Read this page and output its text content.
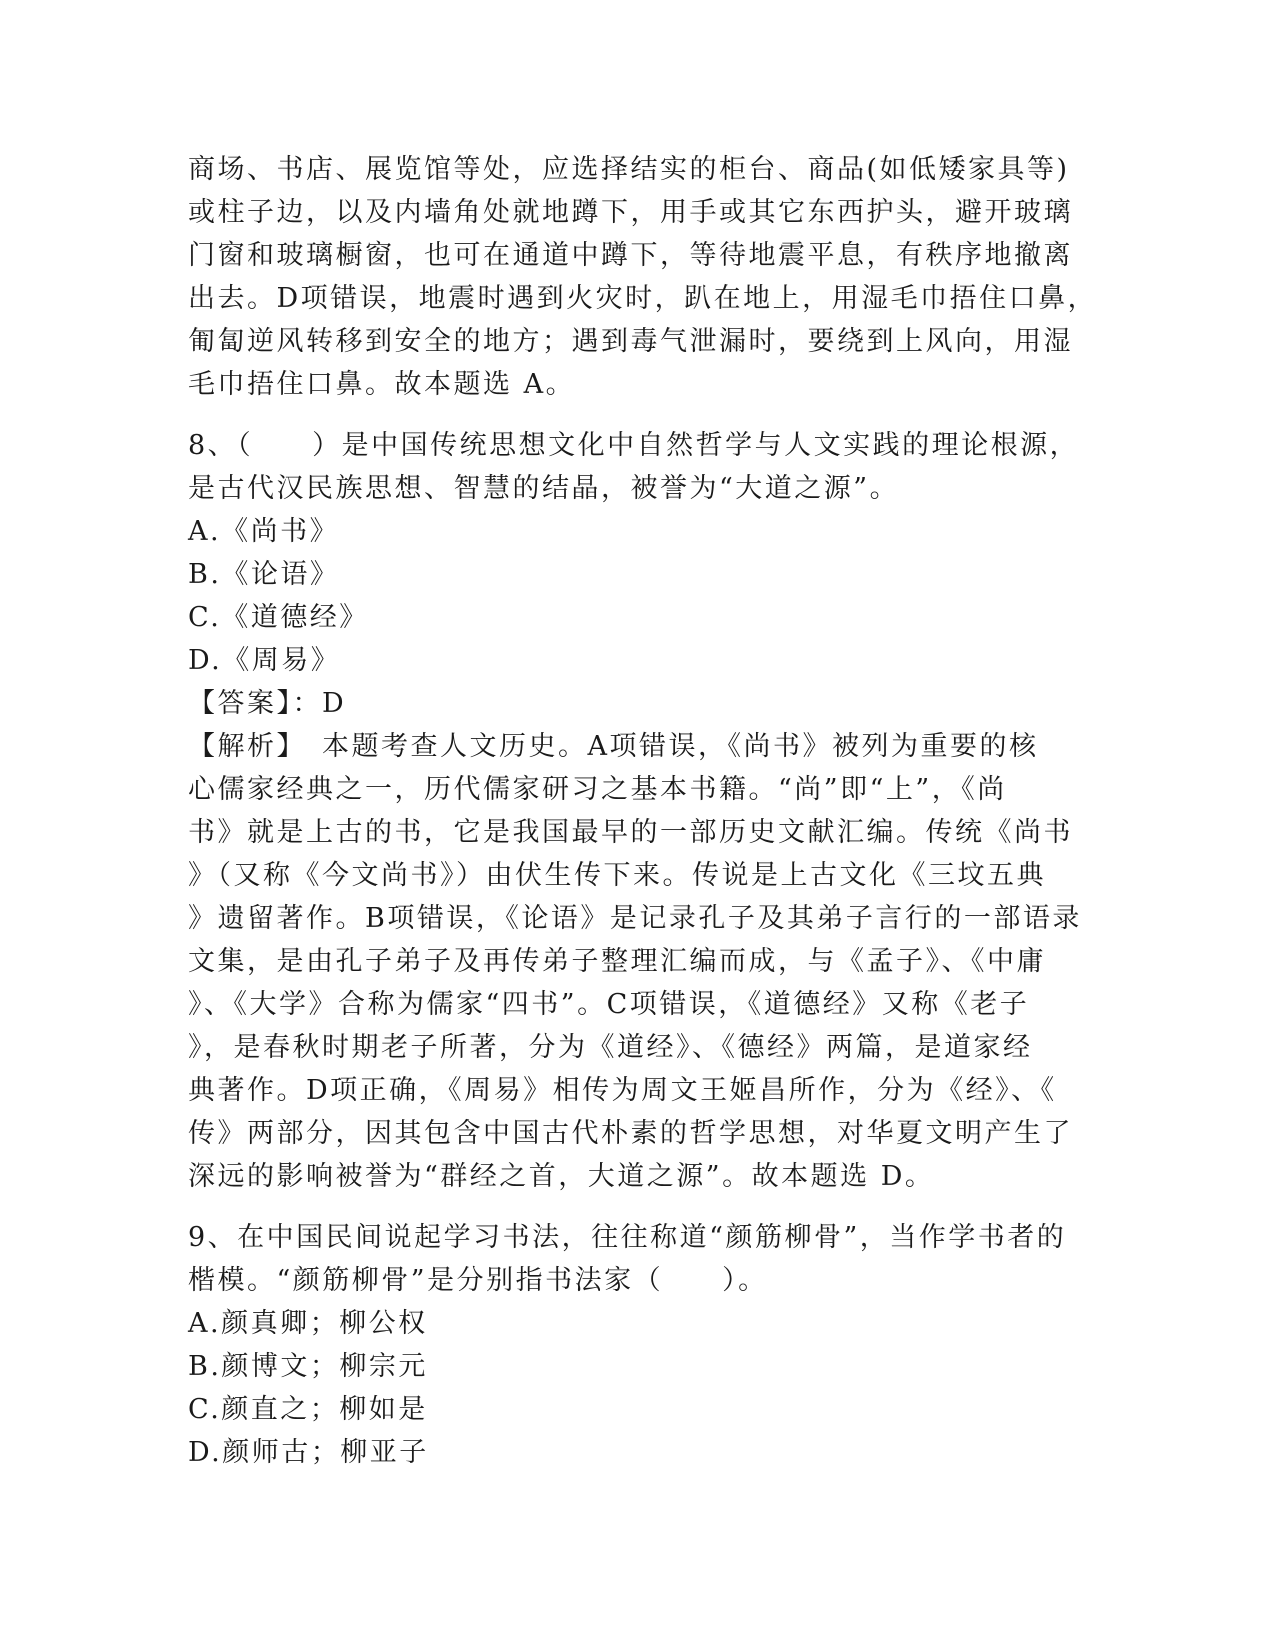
商场、书店、展览馆等处，应选择结实的柜台、商品(如低矮家具等)
或柱子边，以及内墙角处就地蹲下，用手或其它东西护头，避开玻璃
门窗和玻璃橱窗，也可在通道中蹲下，等待地震平息，有秩序地撤离
出去。D项错误，地震时遇到火灾时，趴在地上，用湿毛巾捂住口鼻，
匍匐逆风转移到安全的地方；遇到毒气泄漏时，要绕到上风向，用湿
毛巾捂住口鼻。故本题选 A。
8、（　　）是中国传统思想文化中自然哲学与人文实践的理论根源，
是古代汉民族思想、智慧的结晶，被誉为“大道之源”。
A.《尚书》
B.《论语》
C.《道德经》
D.《周易》
【答案】：D
【解析】　本题考查人文历史。A项错误，《尚书》被列为重要的核
心儒家经典之一，历代儒家研习之基本书籍。“尚”即“上”，《尚
书》就是上古的书，它是我国最早的一部历史文献汇编。传统《尚书
》（又称《今文尚书》）由伏生传下来。传说是上古文化《三坟五典
》遗留著作。B项错误，《论语》是记录孔子及其弟子言行的一部语录
文集，是由孔子弟子及再传弟子整理汇编而成，与《孟子》、《中庸
》、《大学》合称为儒家“四书”。C项错误，《道德经》又称《老子
》，是春秋时期老子所著，分为《道经》、《德经》两篇，是道家经
典著作。D项正确，《周易》相传为周文王姬昌所作，分为《经》、《
传》两部分，因其包含中国古代朴素的哲学思想，对华夏文明产生了
深远的影响被誉为“群经之首，大道之源”。故本题选 D。
9、在中国民间说起学习书法，往往称道“颜筋柳骨”，当作学书者的
楷模。“颜筋柳骨”是分别指书法家（　　）。
A.颜真卿；柳公权
B.颜博文；柳宗元
C.颜直之；柳如是
D.颜师古；柳亚子
